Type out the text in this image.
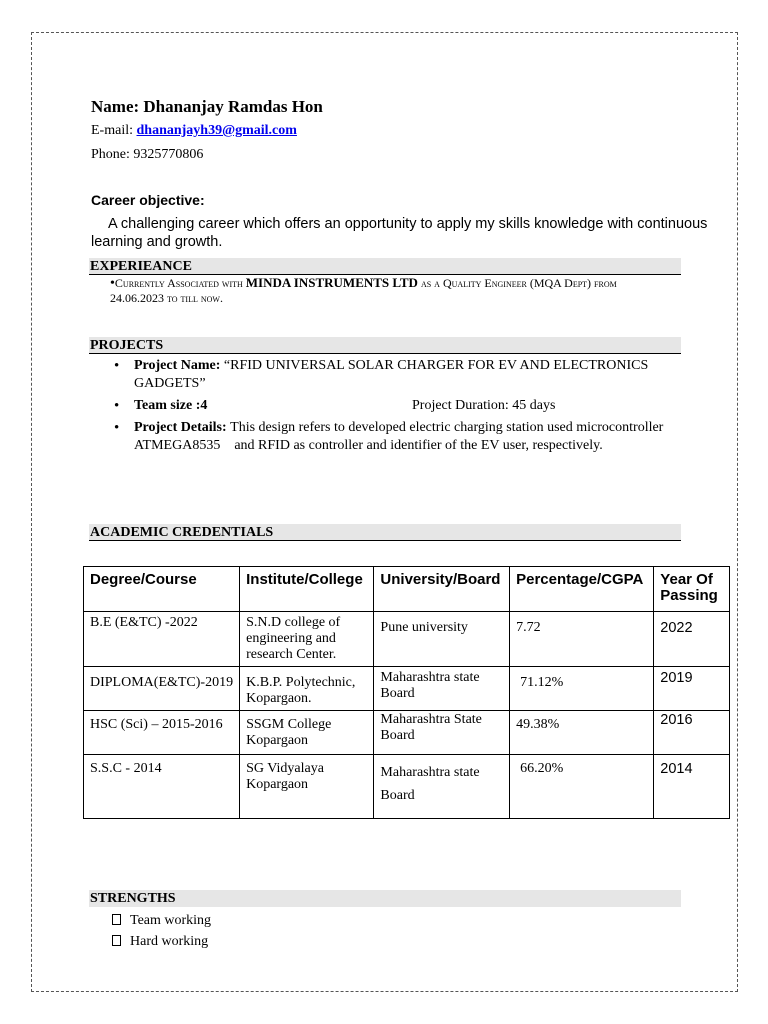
Name: Dhananjay Ramdas Hon
E-mail: dhananjayh39@gmail.com
Phone: 9325770806
Career objective:
A challenging career which offers an opportunity to apply my skills knowledge with continuous learning and growth.
EXPERIEANCE
•Currently Associated with MINDA INSTRUMENTS LTD as a Quality Engineer (MQA Dept) from
24.06.2023 to till now.
PROJECTS
• Project Name: “RFID UNIVERSAL SOLAR CHARGER FOR EV AND ELECTRONICS GADGETS”
• Team size :4	Project Duration: 45 days
• Project Details: This design refers to developed electric charging station used microcontroller ATMEGA8535    and RFID as controller and identifier of the EV user, respectively.
ACADEMIC CREDENTIALS
Degree/Course	Institute/College	University/Board	Percentage/CGPA	Year Of Passing
B.E (E&TC) -2022	S.N.D college of engineering and research Center.	Pune university	7.72	2022
DIPLOMA(E&TC)-2019	K.B.P. Polytechnic, Kopargaon.	Maharashtra state Board	71.12%	2019
HSC (Sci) – 2015-2016	SSGM College Kopargaon	Maharashtra State Board	49.38%	2016
S.S.C - 2014	SG Vidyalaya Kopargaon	Maharashtra state Board	66.20%	2014
STRENGTHS
Team working
Hard working
